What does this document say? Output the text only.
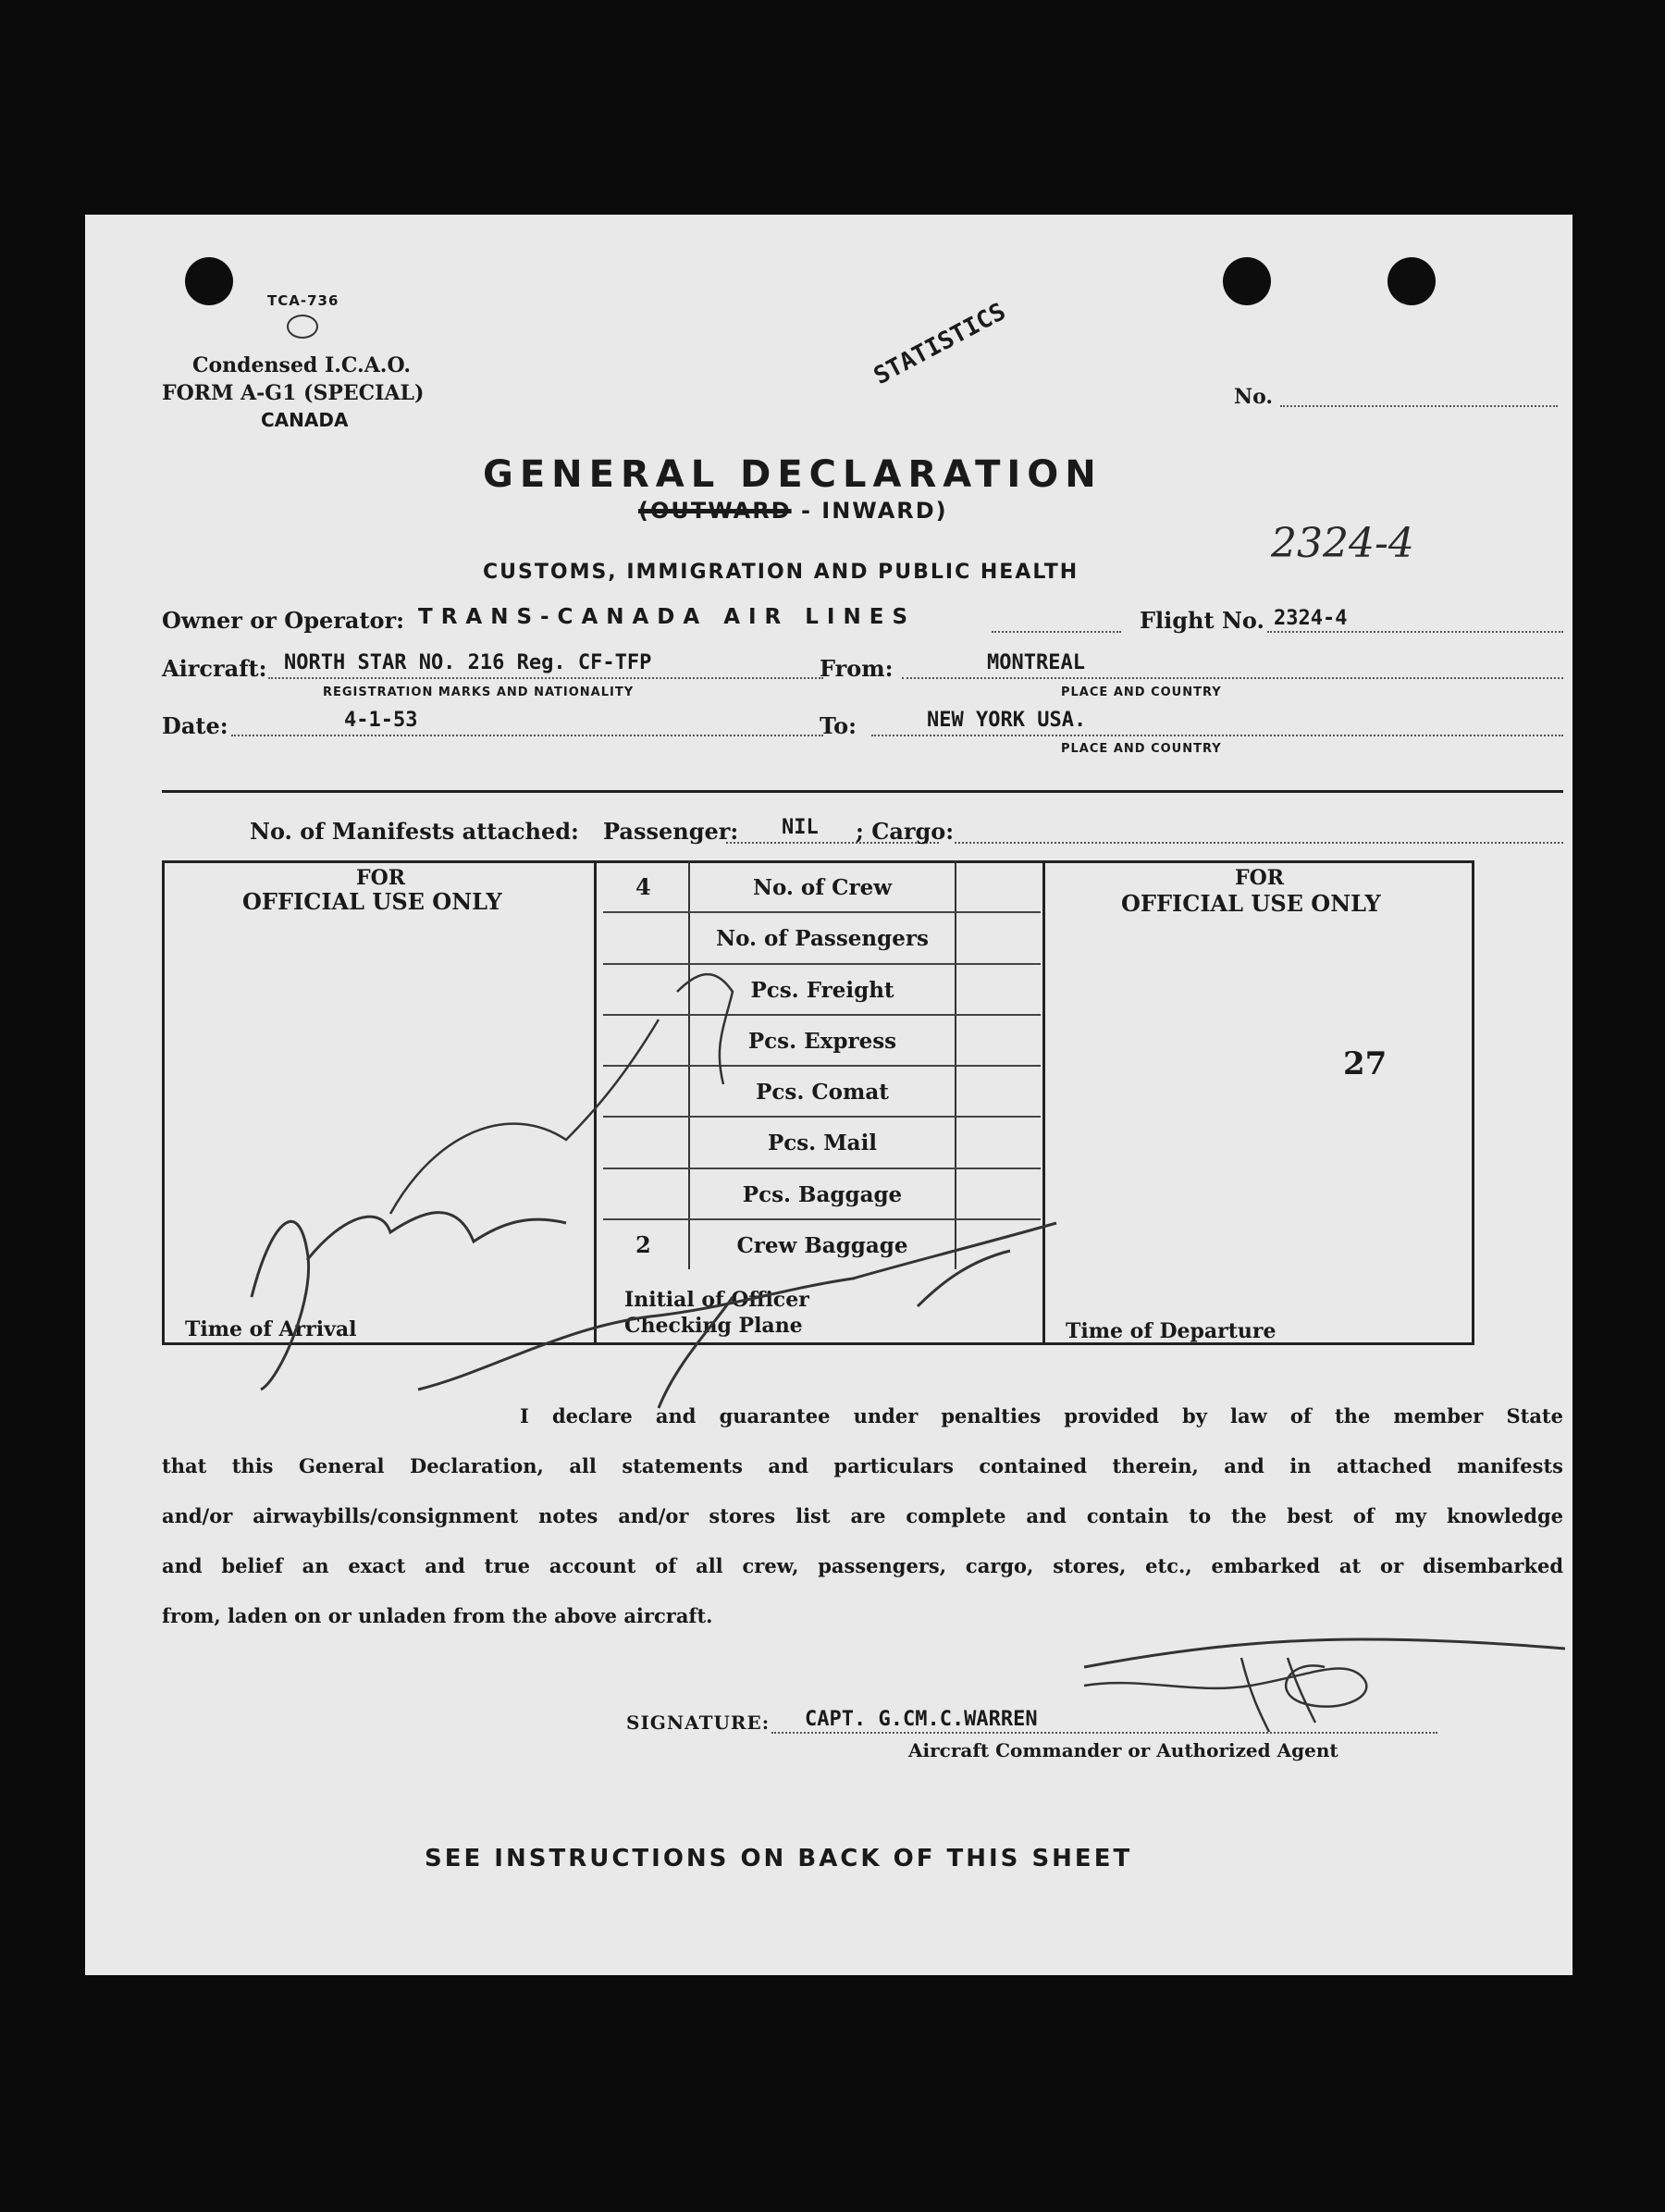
TCA-736
Condensed I.C.A.O.
FORM A-G1 (SPECIAL)
CANADA
STATISTICS
No.
GENERAL DECLARATION
(OUTWARD - INWARD)
2324-4
CUSTOMS, IMMIGRATION AND PUBLIC HEALTH
Owner or Operator: TRANS-CANADA AIR LINES	Flight No. 2324-4
Aircraft: NORTH STAR NO. 216 Reg. CF-TFP
REGISTRATION MARKS AND NATIONALITY
From:	MONTREAL
PLACE AND COUNTRY
Date:	4-1-53	To:	NEW YORK USA.
PLACE AND COUNTRY
No. of Manifests attached: Passenger: NIL ; Cargo:
FOR
OFFICIAL USE ONLY
Time of Arrival
FOR
OFFICIAL USE ONLY
27
Time of Departure
4	No. of Crew
No. of Passengers
Pcs. Freight
Pcs. Express
Pcs. Comat
Pcs. Mail
Pcs. Baggage
2	Crew Baggage
Initial of Officer
Checking Plane
I declare and guarantee under penalties provided by law of the member State
that this General Declaration, all statements and particulars contained therein, and in attached manifests
and/or airwaybills/consignment notes and/or stores list are complete and contain to the best of my knowledge
and belief an exact and true account of all crew, passengers, cargo, stores, etc., embarked at or disembarked
from, laden on or unladen from the above aircraft.
SIGNATURE: CAPT. G.CM.C.WARREN
Aircraft Commander or Authorized Agent
SEE INSTRUCTIONS ON BACK OF THIS SHEET
